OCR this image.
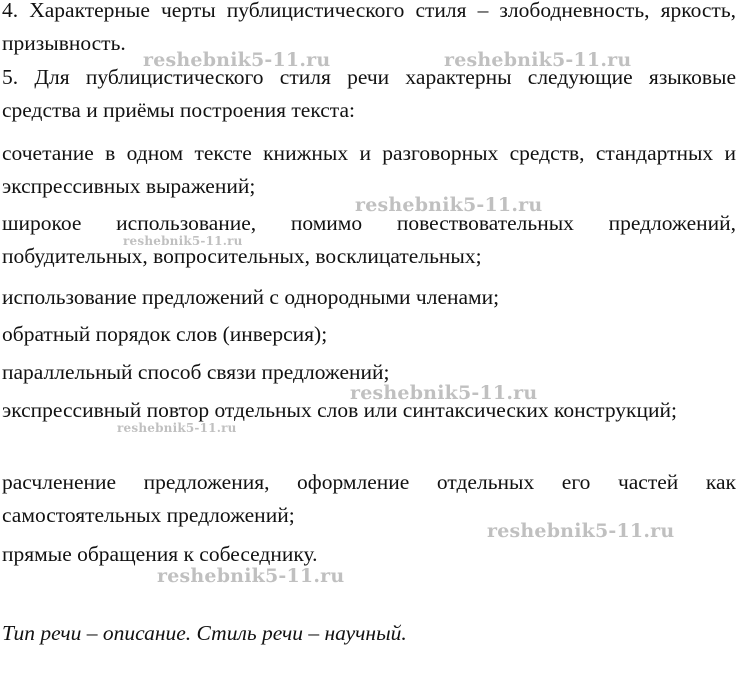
4. Характерные черты публицистического стиля – злободневность, яркость, призывность.

5. Для публицистического стиля речи характерны следующие языковые средства и приёмы построения текста:

сочетание в одном тексте книжных и разговорных средств, стандартных и экспрессивных выражений;

широкое использование, помимо повествовательных предложений, побудительных, вопросительных, восклицательных;

использование предложений с однородными членами;

обратный порядок слов (инверсия);

параллельный способ связи предложений;

экспрессивный повтор отдельных слов или синтаксических конструкций;

расчленение предложения, оформление отдельных его частей как самостоятельных предложений;

прямые обращения к собеседнику.

Тип речи – описание. Стиль речи – научный.

reshebnik5-11.ru	reshebnik5-11.ru
reshebnik5-11.ru
reshebnik5-11.ru
reshebnik5-11.ru
reshebnik5-11.ru
reshebnik5-11.ru
reshebnik5-11.ru
